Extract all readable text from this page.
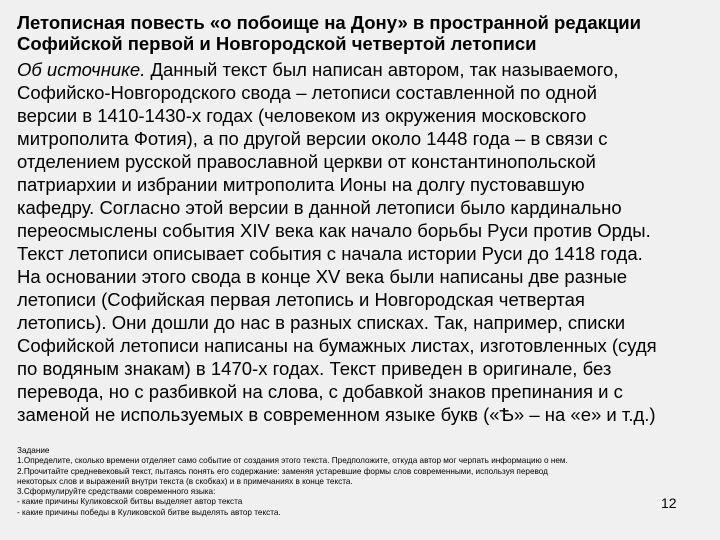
Летописная повесть «о побоище на Дону» в пространной редакции
Софийской первой и Новгородской четвертой летописи
Об источнике. Данный текст был написан автором, так называемого,
Софийско-Новгородского свода – летописи составленной по одной
версии в 1410-1430-х годах (человеком из окружения московского
митрополита Фотия), а по другой версии около 1448 года – в связи с
отделением русской православной церкви от константинопольской
патриархии и избрании митрополита Ионы на долгу пустовавшую
кафедру. Согласно этой версии в данной летописи было кардинально
переосмыслены события XIV века как начало борьбы Руси против Орды.
Текст летописи описывает события с начала истории Руси до 1418 года.
На основании этого свода в конце XV века были написаны две разные
летописи (Софийская первая летопись и Новгородская четвертая
летопись). Они дошли до нас в разных списках. Так, например, списки
Софийской летописи написаны на бумажных листах, изготовленных (судя
по водяным знакам) в 1470-х годах. Текст приведен в оригинале, без
перевода, но с разбивкой на слова, с добавкой знаков препинания и с
заменой не используемых в современном языке букв («Ѣ» – на «е» и т.д.)
Задание
1.Определите, сколько времени отделяет само событие от создания этого текста. Предположите, откуда автор мог черпать информацию о нем.
2.Прочитайте средневековый текст, пытаясь понять его содержание: заменяя устаревшие формы слов современными, используя перевод
некоторых слов и выражений внутри текста (в скобках) и в примечаниях в конце текста.
3.Сформулируйте средствами современного языка:
- какие причины Куликовской битвы выделяет автор текста
- какие причины победы в Куликовской битве выделять автор текста.
12
